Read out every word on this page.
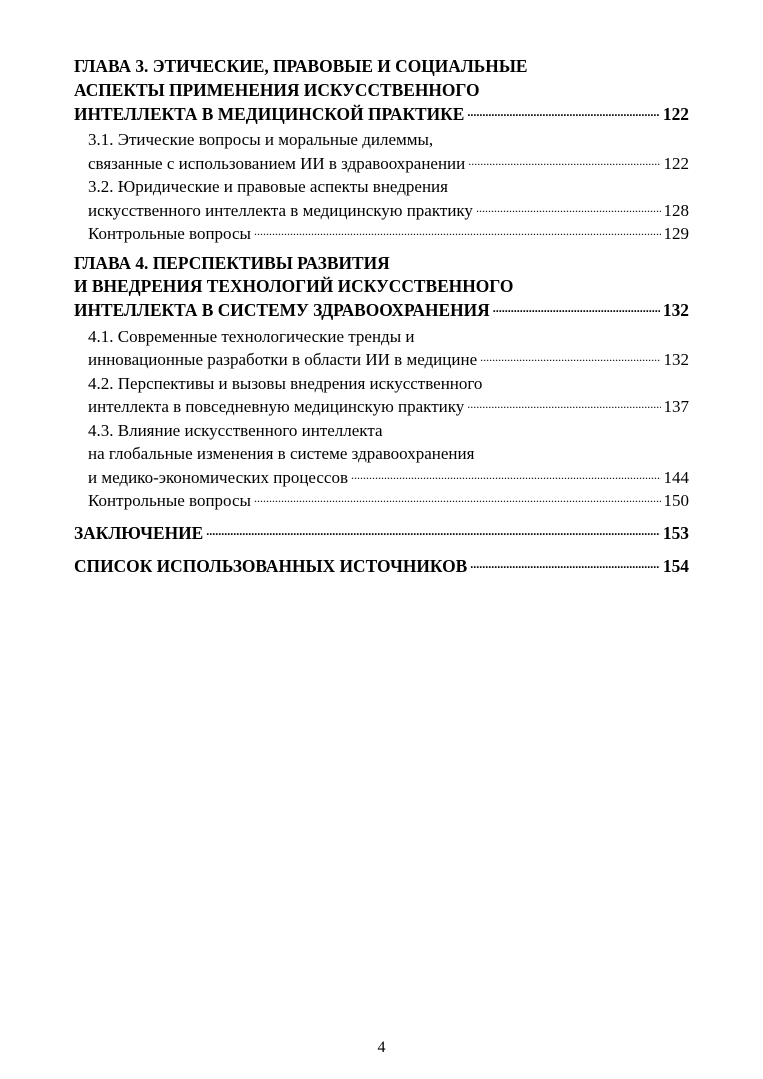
ГЛАВА 3. ЭТИЧЕСКИЕ, ПРАВОВЫЕ И СОЦИАЛЬНЫЕ
АСПЕКТЫ ПРИМЕНЕНИЯ ИСКУССТВЕННОГО
ИНТЕЛЛЕКТА В МЕДИЦИНСКОЙ ПРАКТИКЕ .....	122
3.1. Этические вопросы и моральные дилеммы,
связанные с использованием ИИ в здравоохранении .....	122
3.2. Юридические и правовые аспекты внедрения
искусственного интеллекта в медицинскую практику .....	128
Контрольные вопросы .....	129
ГЛАВА 4. ПЕРСПЕКТИВЫ РАЗВИТИЯ
И ВНЕДРЕНИЯ ТЕХНОЛОГИЙ ИСКУССТВЕННОГО
ИНТЕЛЛЕКТА В СИСТЕМУ ЗДРАВООХРАНЕНИЯ .....	132
4.1. Современные технологические тренды и
инновационные разработки в области ИИ в медицине .....	132
4.2. Перспективы и вызовы внедрения искусственного
интеллекта в повседневную медицинскую практику .....	137
4.3. Влияние искусственного интеллекта
на глобальные изменения в системе здравоохранения
и медико-экономических процессов .....	144
Контрольные вопросы .....	150
ЗАКЛЮЧЕНИЕ .....	153
СПИСОК ИСПОЛЬЗОВАННЫХ ИСТОЧНИКОВ .....	154
4
